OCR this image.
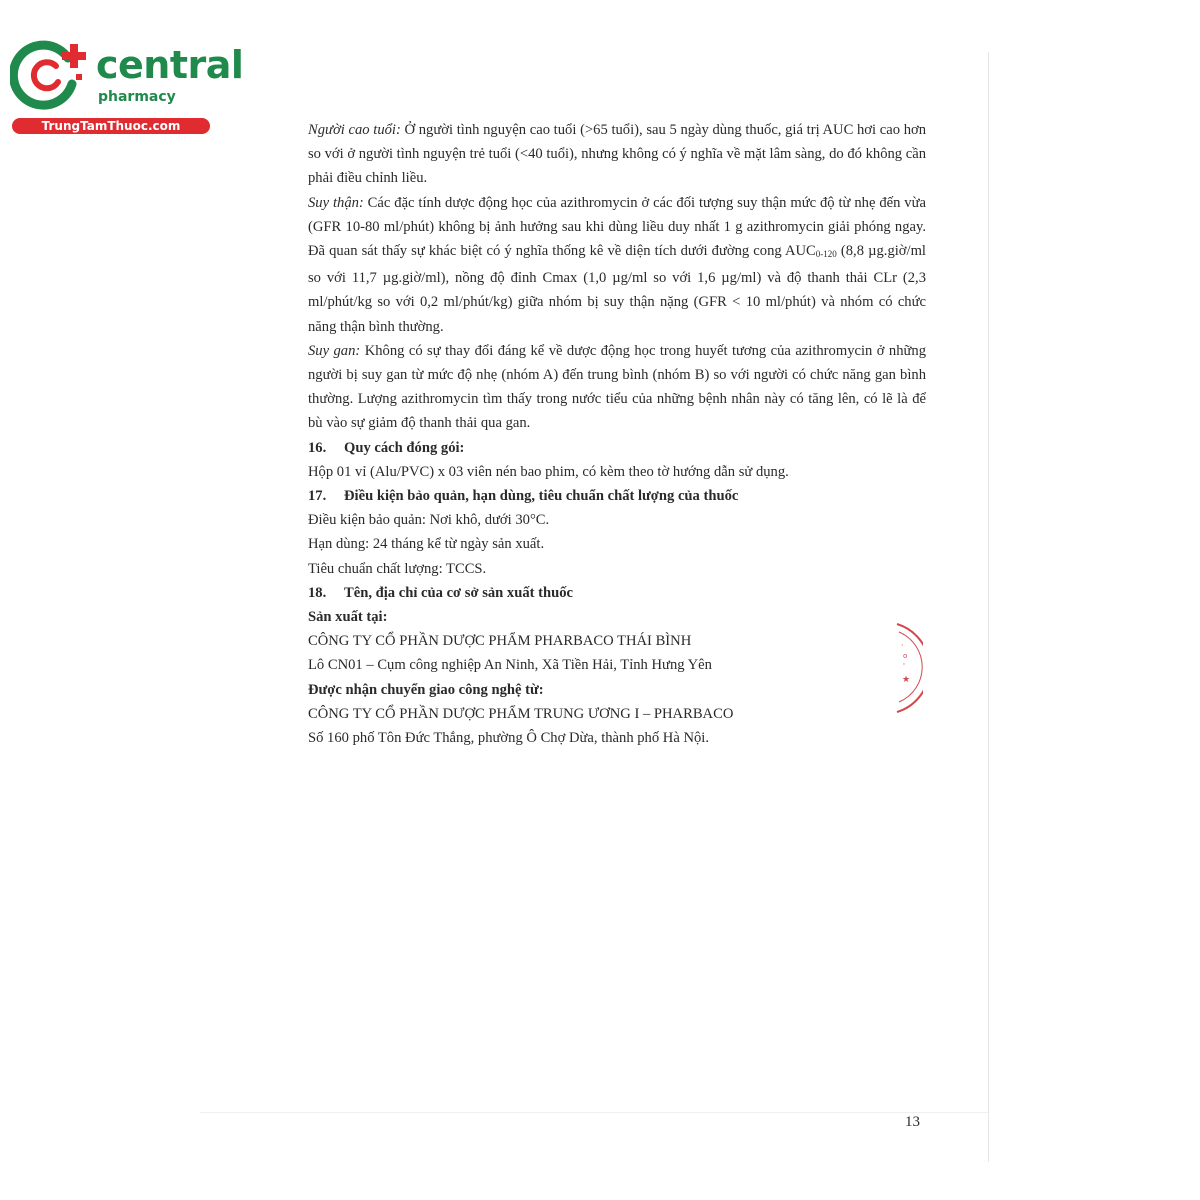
central
pharmacy
TrungTamThuoc.com	Người cao tuổi: Ở người tình nguyện cao tuổi (>65 tuổi), sau 5 ngày dùng thuốc, giá trị AUC hơi cao hơn so với ở người tình nguyện trẻ tuổi (<40 tuổi), nhưng không có ý nghĩa về mặt lâm sàng, do đó không cần phải điều chỉnh liều.

Suy thận: Các đặc tính dược động học của azithromycin ở các đối tượng suy thận mức độ từ nhẹ đến vừa (GFR 10-80 ml/phút) không bị ảnh hưởng sau khi dùng liều duy nhất 1 g azithromycin giải phóng ngay. Đã quan sát thấy sự khác biệt có ý nghĩa thống kê về diện tích dưới đường cong AUC0-120 (8,8 µg.giờ/ml so với 11,7 µg.giờ/ml), nồng độ đỉnh Cmax (1,0 µg/ml so với 1,6 µg/ml) và độ thanh thải CLr (2,3 ml/phút/kg so với 0,2 ml/phút/kg) giữa nhóm bị suy thận nặng (GFR < 10 ml/phút) và nhóm có chức năng thận bình thường.

Suy gan: Không có sự thay đổi đáng kể về dược động học trong huyết tương của azithromycin ở những người bị suy gan từ mức độ nhẹ (nhóm A) đến trung bình (nhóm B) so với người có chức năng gan bình thường. Lượng azithromycin tìm thấy trong nước tiểu của những bệnh nhân này có tăng lên, có lẽ là để bù vào sự giảm độ thanh thải qua gan.

16. Quy cách đóng gói:

Hộp 01 vỉ (Alu/PVC) x 03 viên nén bao phim, có kèm theo tờ hướng dẫn sử dụng.

17. Điều kiện bảo quản, hạn dùng, tiêu chuẩn chất lượng của thuốc

Điều kiện bảo quản: Nơi khô, dưới 30°C.

Hạn dùng: 24 tháng kể từ ngày sản xuất.

Tiêu chuẩn chất lượng: TCCS.

18. Tên, địa chỉ của cơ sở sản xuất thuốc

Sản xuất tại:

CÔNG TY CỔ PHẦN DƯỢC PHẨM PHARBACO THÁI BÌNH

Lô CN01 – Cụm công nghiệp An Ninh, Xã Tiền Hải, Tỉnh Hưng Yên

Được nhận chuyển giao công nghệ từ:

CÔNG TY CỔ PHẦN DƯỢC PHẨM TRUNG ƯƠNG I – PHARBACO

Số 160 phố Tôn Đức Thắng, phường Ô Chợ Dừa, thành phố Hà Nội.

·
o
'
★
13
